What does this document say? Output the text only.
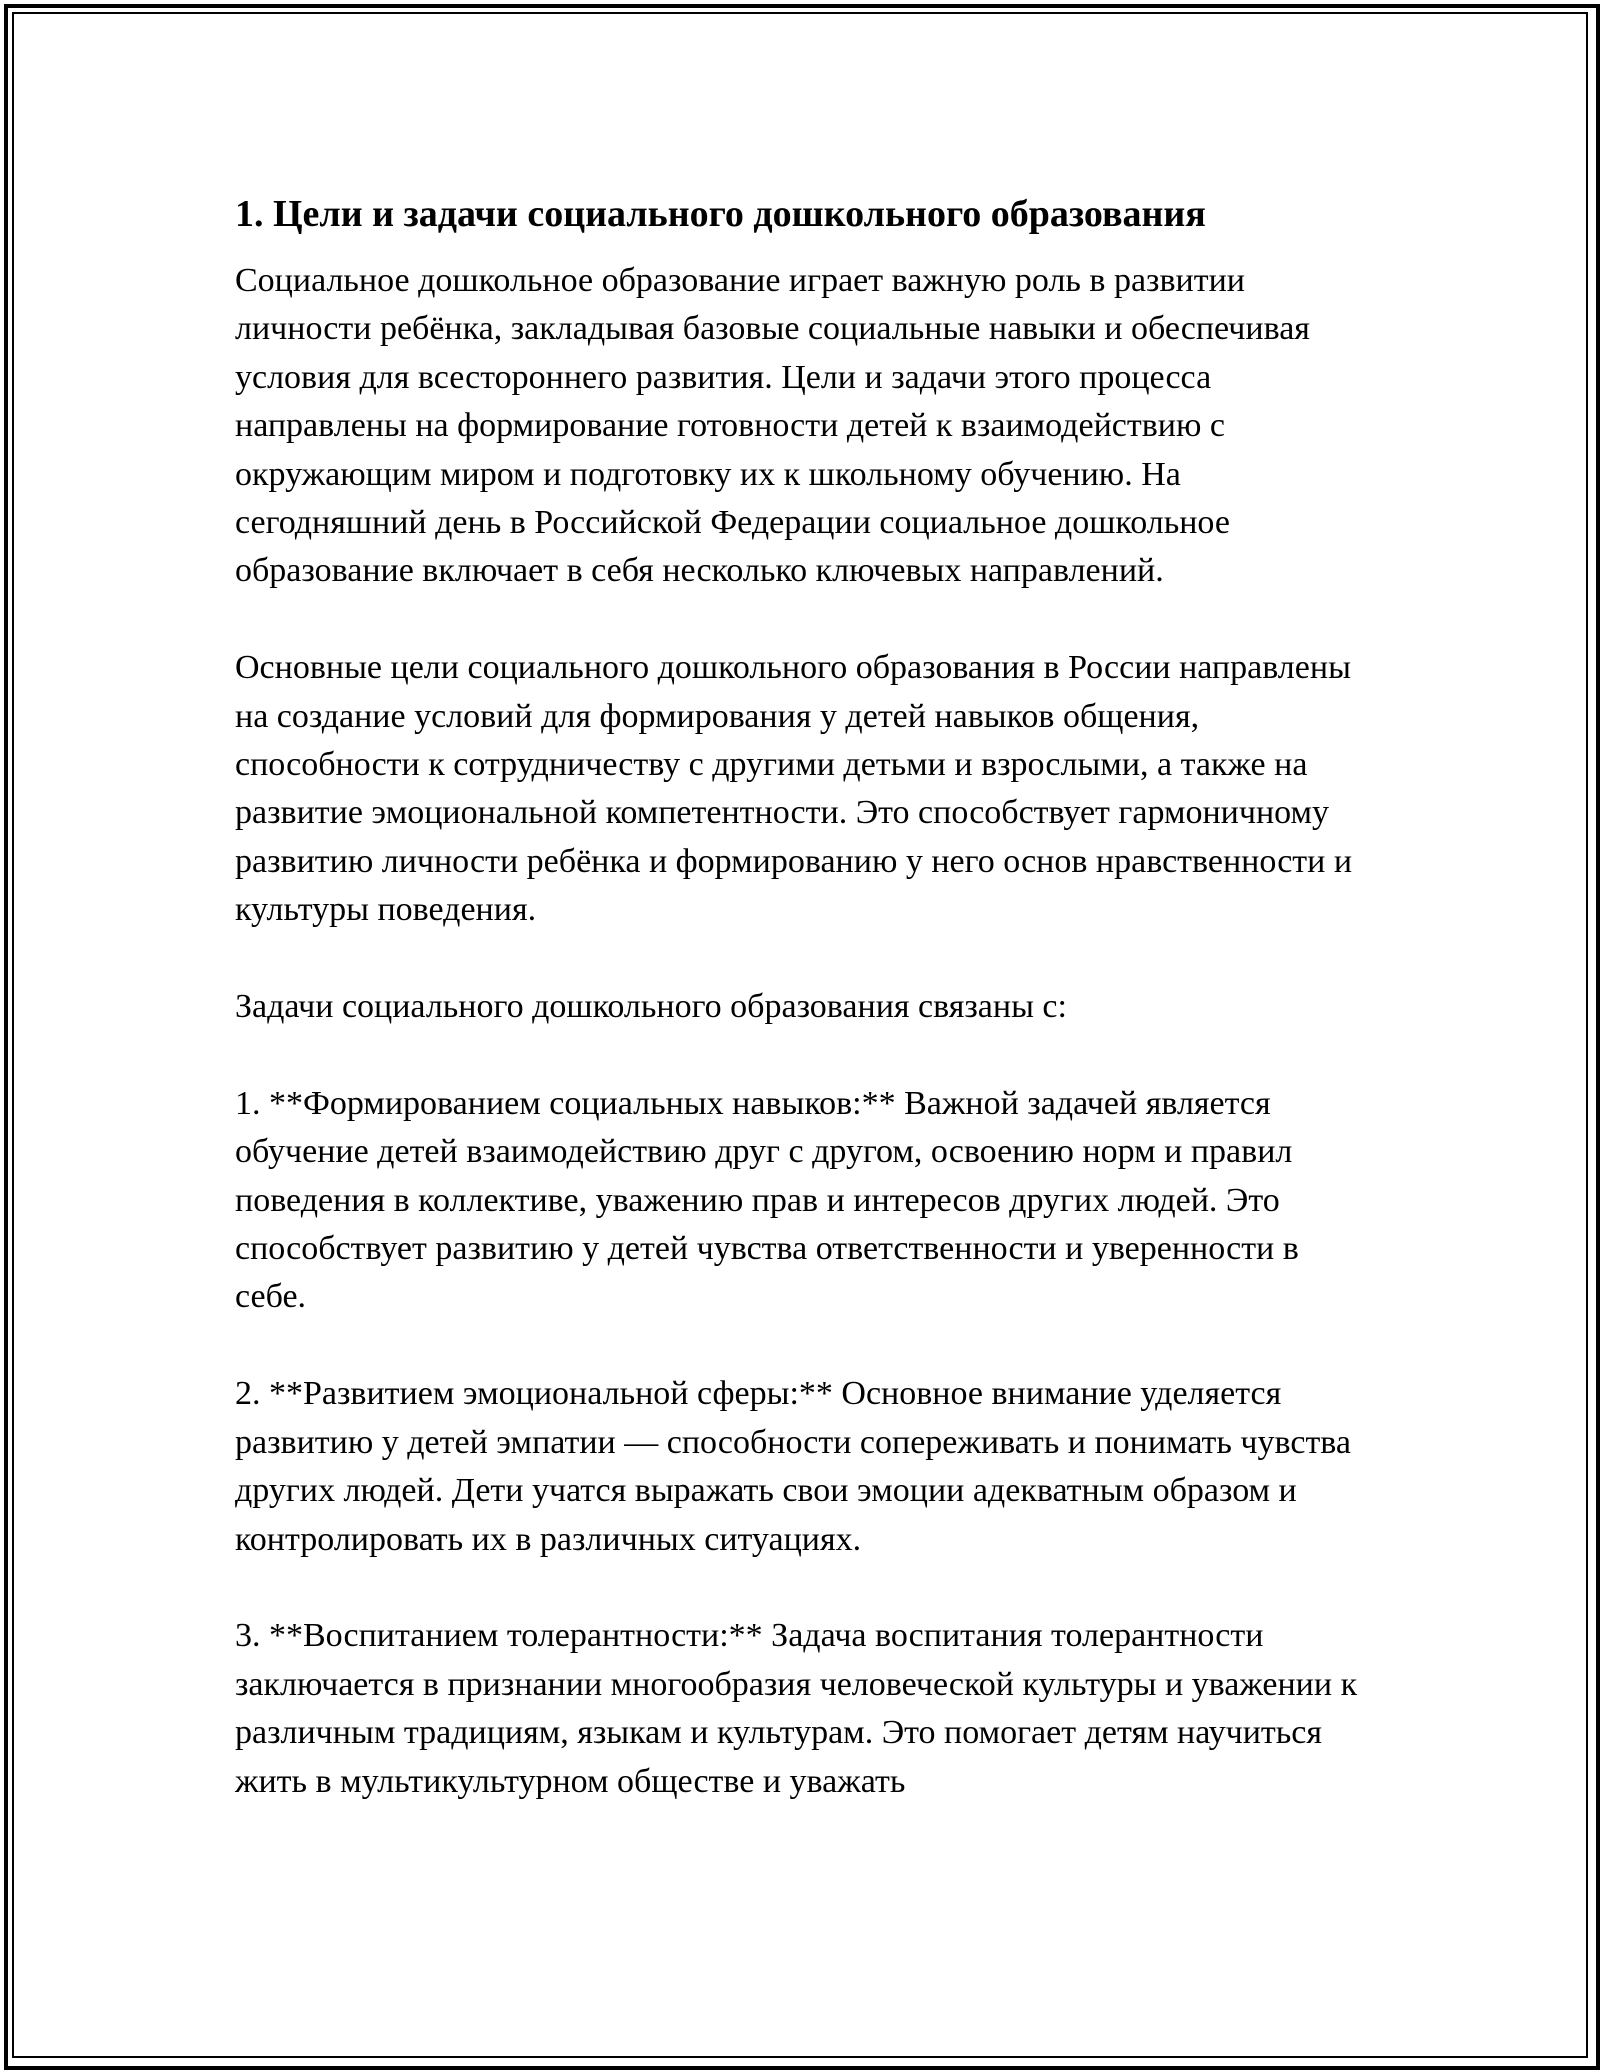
1. Цели и задачи социального дошкольного образования

Социальное дошкольное образование играет важную роль в развитии личности ребёнка, закладывая базовые социальные навыки и обеспечивая условия для всестороннего развития. Цели и задачи этого процесса направлены на формирование готовности детей к взаимодействию с окружающим миром и подготовку их к школьному обучению. На сегодняшний день в Российской Федерации социальное дошкольное образование включает в себя несколько ключевых направлений.

Основные цели социального дошкольного образования в России направлены на создание условий для формирования у детей навыков общения, способности к сотрудничеству с другими детьми и взрослыми, а также на развитие эмоциональной компетентности. Это способствует гармоничному развитию личности ребёнка и формированию у него основ нравственности и культуры поведения.

Задачи социального дошкольного образования связаны с:

1. **Формированием социальных навыков:** Важной задачей является обучение детей взаимодействию друг с другом, освоению норм и правил поведения в коллективе, уважению прав и интересов других людей. Это способствует развитию у детей чувства ответственности и уверенности в себе.

2. **Развитием эмоциональной сферы:** Основное внимание уделяется развитию у детей эмпатии — способности сопереживать и понимать чувства других людей. Дети учатся выражать свои эмоции адекватным образом и контролировать их в различных ситуациях.

3. **Воспитанием толерантности:** Задача воспитания толерантности заключается в признании многообразия человеческой культуры и уважении к различным традициям, языкам и культурам. Это помогает детям научиться жить в мультикультурном обществе и уважать
